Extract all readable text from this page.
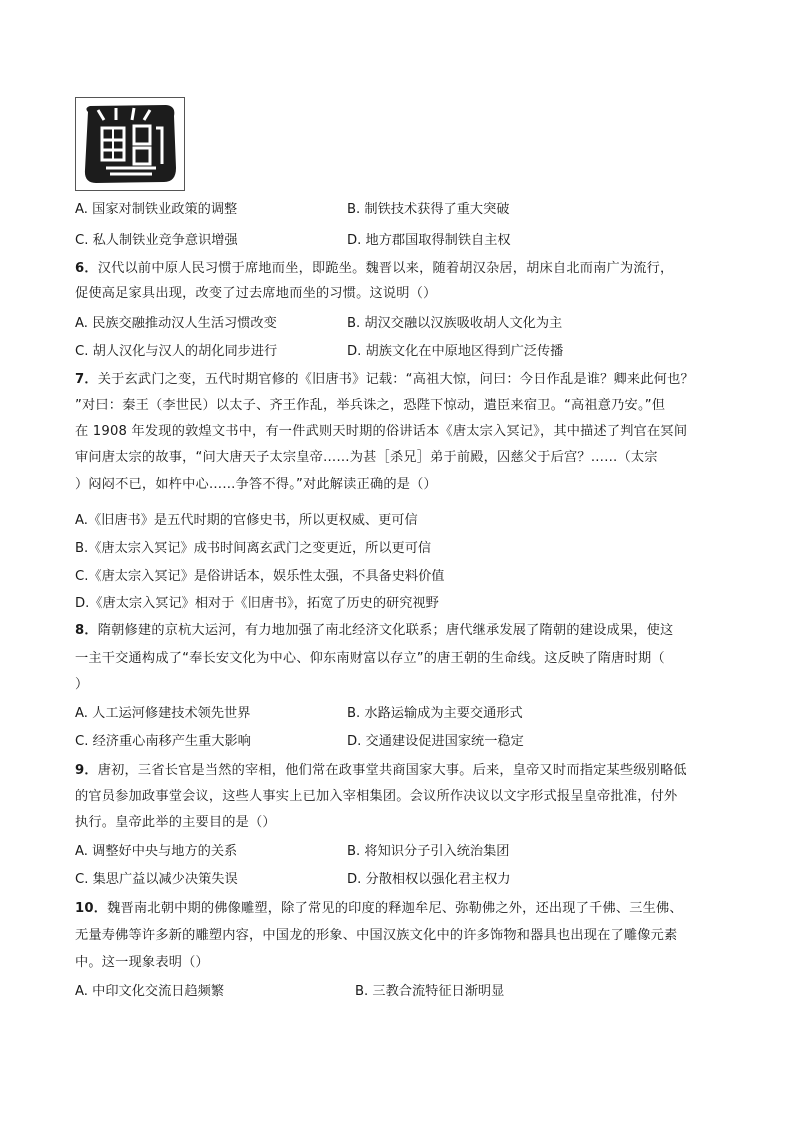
A. 国家对制铁业政策的调整	B. 制铁技术获得了重大突破
C. 私人制铁业竞争意识增强	D. 地方郡国取得制铁自主权
6．汉代以前中原人民习惯于席地而坐，即跪坐。魏晋以来，随着胡汉杂居，胡床自北而南广为流行，
促使高足家具出现，改变了过去席地而坐的习惯。这说明（）
A. 民族交融推动汉人生活习惯改变	B. 胡汉交融以汉族吸收胡人文化为主
C. 胡人汉化与汉人的胡化同步进行	D. 胡族文化在中原地区得到广泛传播
7．关于玄武门之变，五代时期官修的《旧唐书》记载：“高祖大惊，问曰：今日作乱是谁？卿来此何也？
”对曰：秦王（李世民）以太子、齐王作乱，举兵诛之，恐陛下惊动，遣臣来宿卫。“高祖意乃安。”但
在 1908 年发现的敦煌文书中，有一件武则天时期的俗讲话本《唐太宗入冥记》，其中描述了判官在冥间
审问唐太宗的故事，“问大唐天子太宗皇帝……为甚［杀兄］弟于前殿，囚慈父于后宫？……（太宗
）闷闷不已，如杵中心……争答不得。”对此解读正确的是（）
A.《旧唐书》是五代时期的官修史书，所以更权威、更可信
B.《唐太宗入冥记》成书时间离玄武门之变更近，所以更可信
C.《唐太宗入冥记》是俗讲话本，娱乐性太强，不具备史料价值
D.《唐太宗入冥记》相对于《旧唐书》，拓宽了历史的研究视野
8．隋朝修建的京杭大运河，有力地加强了南北经济文化联系；唐代继承发展了隋朝的建设成果，使这
一主干交通构成了“奉长安文化为中心、仰东南财富以存立”的唐王朝的生命线。这反映了隋唐时期（
）
A. 人工运河修建技术领先世界	B. 水路运输成为主要交通形式
C. 经济重心南移产生重大影响	D. 交通建设促进国家统一稳定
9．唐初，三省长官是当然的宰相，他们常在政事堂共商国家大事。后来，皇帝又时而指定某些级别略低
的官员参加政事堂会议，这些人事实上已加入宰相集团。会议所作决议以文字形式报呈皇帝批准，付外
执行。皇帝此举的主要目的是（）
A. 调整好中央与地方的关系	B. 将知识分子引入统治集团
C. 集思广益以减少决策失误	D. 分散相权以强化君主权力
10．魏晋南北朝中期的佛像雕塑，除了常见的印度的释迦牟尼、弥勒佛之外，还出现了千佛、三生佛、
无量寿佛等许多新的雕塑内容，中国龙的形象、中国汉族文化中的许多饰物和器具也出现在了雕像元素
中。这一现象表明（）
A. 中印文化交流日趋频繁	B. 三教合流特征日渐明显
